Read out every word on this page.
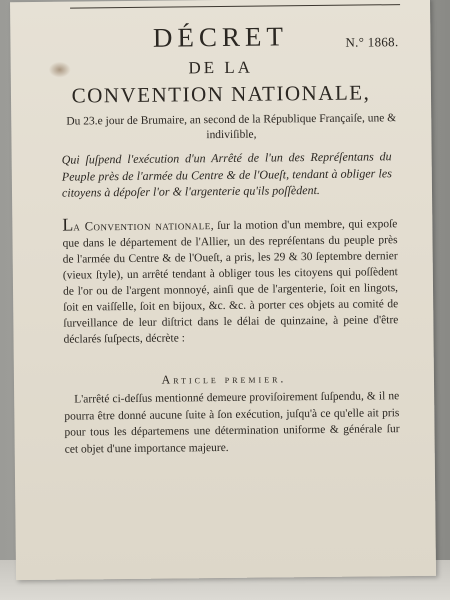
DÉCRET	N.° 1868.
DE LA
CONVENTION NATIONALE,
Du 23.e jour de Brumaire, an second de la République Françaiſe, une & indiviſible,
Qui ſuſpend l'exécution d'un Arrêté de l'un des Repréſentans du Peuple près de l'armée du Centre & de l'Oueſt, tendant à obliger les citoyens à dépoſer l'or & l'argenterie qu'ils poſſèdent.
La Convention nationale, ſur la motion d'un membre, qui expoſe que dans le département de l'Allier, un des repréſentans du peuple près de l'armée du Centre & de l'Oueſt, a pris, les 29 & 30 ſeptembre dernier (vieux ſtyle), un arrêté tendant à obliger tous les citoyens qui poſſèdent de l'or ou de l'argent monnoyé, ainſi que de l'argenterie, ſoit en lingots, ſoit en vaiſſelle, ſoit en bijoux, &c. &c. à porter ces objets au comité de ſurveillance de leur diſtrict dans le délai de quinzaine, à peine d'être déclarés ſuſpects, décrète :
Article premier.
L'arrêté ci-deſſus mentionné demeure proviſoirement ſuſpendu, & il ne pourra être donné aucune ſuite à ſon exécution, juſqu'à ce qu'elle ait pris pour tous les départemens une détermination uniforme & générale ſur cet objet d'une importance majeure.
